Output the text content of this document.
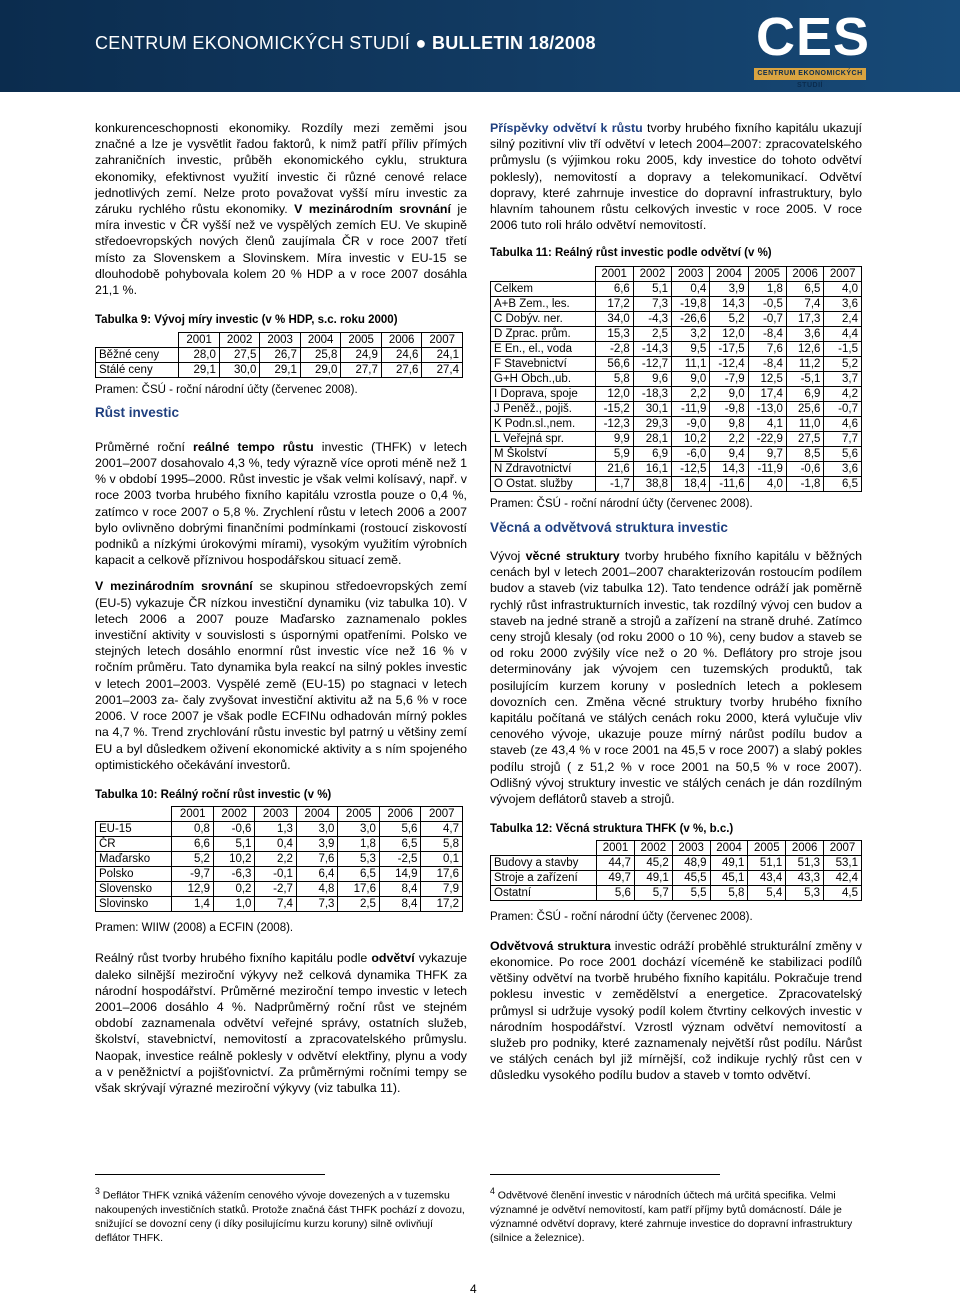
CENTRUM EKONOMICKÝCH STUDIÍ ● BULLETIN 18/2008	CES
CENTRUM EKONOMICKÝCH STUDIÍ

konkurenceschopnosti ekonomiky. Rozdíly mezi zeměmi jsou značné a lze je vysvětlit řadou faktorů, k nimž patří příliv přímých zahraničních investic, průběh ekonomického cyklu, struktura ekonomiky, efektivnost využití investic či různé cenové relace jednotlivých zemí. Nelze proto považovat vyšší míru investic za záruku rychlého růstu ekonomiky. V mezinárodním srovnání je míra investic v ČR vyšší než ve vyspělých zemích EU. Ve skupině středoevropských nových členů zaujímala ČR v roce 2007 třetí místo za Slovenskem a Slovinskem. Míra investic v EU-15 se dlouhodobě pohybovala kolem 20 % HDP a v roce 2007 dosáhla 21,1 %.

Tabulka 9: Vývoj míry investic (v % HDP, s.c. roku 2000)
	2001	2002	2003	2004	2005	2006	2007
Běžné ceny	28,0	27,5	26,7	25,8	24,9	24,6	24,1
Stálé ceny	29,1	30,0	29,1	29,0	27,7	27,6	27,4
Pramen: ČSÚ - roční národní účty (červenec 2008).
Růst investic

Průměrné roční reálné tempo růstu investic (THFK) v letech 2001–2007 dosahovalo 4,3 %, tedy výrazně více oproti méně než 1 % v období 1995–2000. Růst investic je však velmi kolísavý, např. v roce 2003 tvorba hrubého fixního kapitálu vzrostla pouze o 0,4 %, zatímco v roce 2007 o 5,8 %. Zrychlení růstu v letech 2006 a 2007 bylo ovlivněno dobrými finančními podmínkami (rostoucí ziskovostí podniků a nízkými úrokovými mírami), vysokým využitím výrobních kapacit a celkově příznivou hospodářskou situací země.

V mezinárodním srovnání se skupinou středoevropských zemí (EU-5) vykazuje ČR nízkou investiční dynamiku (viz tabulka 10). V letech 2006 a 2007 pouze Maďarsko zaznamenalo pokles investiční aktivity v souvislosti s úspornými opatřeními. Polsko ve stejných letech dosáhlo enormní růst investic více než 16 % v ročním průměru. Tato dynamika byla reakcí na silný pokles investic v letech 2001–2003. Vyspělé země (EU-15) po stagnaci v letech 2001–2003 za- čaly zvyšovat investiční aktivitu až na 5,6 % v roce 2006. V roce 2007 je však podle ECFINu odhadován mírný pokles na 4,7 %. Trend zrychlování růstu investic byl patrný u většiny zemí EU a byl důsledkem oživení ekonomické aktivity a s ním spojeného optimistického očekávání investorů.

Tabulka 10: Reálný roční růst investic (v %)
	2001	2002	2003	2004	2005	2006	2007
EU-15	0,8	-0,6	1,3	3,0	3,0	5,6	4,7
ČR	6,6	5,1	0,4	3,9	1,8	6,5	5,8
Maďarsko	5,2	10,2	2,2	7,6	5,3	-2,5	0,1
Polsko	-9,7	-6,3	-0,1	6,4	6,5	14,9	17,6
Slovensko	12,9	0,2	-2,7	4,8	17,6	8,4	7,9
Slovinsko	1,4	1,0	7,4	7,3	2,5	8,4	17,2
Pramen: WIIW (2008) a ECFIN (2008).

Reálný růst tvorby hrubého fixního kapitálu podle odvětví vykazuje daleko silnější meziroční výkyvy než celková dynamika THFK za národní hospodářství. Průměrné meziroční tempo investic v letech 2001–2006 dosáhlo 4 %. Nadprůměrný roční růst ve stejném období zaznamenala odvětví veřejné správy, ostatních služeb, školství, stavebnictví, nemovitostí a zpracovatelského průmyslu. Naopak, investice reálně poklesly v odvětví elektřiny, plynu a vody a v peněžnictví a pojišťovnictví. Za průměrnými ročními tempy se však skrývají výrazné meziroční výkyvy (viz tabulka 11).

Příspěvky odvětví k růstu tvorby hrubého fixního kapitálu ukazují silný pozitivní vliv tří odvětví v letech 2004–2007: zpracovatelského průmyslu (s výjimkou roku 2005, kdy investice do tohoto odvětví poklesly), nemovitostí a dopravy a telekomunikací. Odvětví dopravy, které zahrnuje investice do dopravní infrastruktury, bylo hlavním tahounem růstu celkových investic v roce 2005. V roce 2006 tuto roli hrálo odvětví nemovitostí.

Tabulka 11: Reálný růst investic podle odvětví (v %)
	2001	2002	2003	2004	2005	2006	2007
Celkem	6,6	5,1	0,4	3,9	1,8	6,5	4,0
A+B Zem., les.	17,2	7,3	-19,8	14,3	-0,5	7,4	3,6
C Dobýv. ner.	34,0	-4,3	-26,6	5,2	-0,7	17,3	2,4
D Zprac. prům.	15,3	2,5	3,2	12,0	-8,4	3,6	4,4
E En., el., voda	-2,8	-14,3	9,5	-17,5	7,6	12,6	-1,5
F Stavebnictví	56,6	-12,7	11,1	-12,4	-8,4	11,2	5,2
G+H Obch.,ub.	5,8	9,6	9,0	-7,9	12,5	-5,1	3,7
I Doprava, spoje	12,0	-18,3	2,2	9,0	17,4	6,9	4,2
J Peněž., pojiš.	-15,2	30,1	-11,9	-9,8	-13,0	25,6	-0,7
K Podn.sl.,nem.	-12,3	29,3	-9,0	9,8	4,1	11,0	4,6
L Veřejná spr.	9,9	28,1	10,2	2,2	-22,9	27,5	7,7
M Školství	5,9	6,9	-6,0	9,4	9,7	8,5	5,6
N Zdravotnictví	21,6	16,1	-12,5	14,3	-11,9	-0,6	3,6
O Ostat. služby	-1,7	38,8	18,4	-11,6	4,0	-1,8	6,5
Pramen: ČSÚ - roční národní účty (červenec 2008).
Věcná a odvětvová struktura investic

Vývoj věcné struktury tvorby hrubého fixního kapitálu v běžných cenách byl v letech 2001–2007 charakterizován rostoucím podílem budov a staveb (viz tabulka 12). Tato tendence odráží jak poměrně rychlý růst infrastrukturních investic, tak rozdílný vývoj cen budov a staveb na jedné straně a strojů a zařízení na straně druhé. Zatímco ceny strojů klesaly (od roku 2000 o 10 %), ceny budov a staveb se od roku 2000 zvýšily více než o 20 %. Deflátory pro stroje jsou determinovány jak vývojem cen tuzemských produktů, tak posilujícím kurzem koruny v posledních letech a poklesem dovozních cen. Změna věcné struktury tvorby hrubého fixního kapitálu počítaná ve stálých cenách roku 2000, která vylučuje vliv cenového vývoje, ukazuje pouze mírný nárůst podílu budov a staveb (ze 43,4 % v roce 2001 na 45,5 v roce 2007) a slabý pokles podílu strojů ( z 51,2 % v roce 2001 na 50,5 % v roce 2007). Odlišný vývoj struktury investic ve stálých cenách je dán rozdílným vývojem deflátorů staveb a strojů.

Tabulka 12: Věcná struktura THFK (v %, b.c.)
	2001	2002	2003	2004	2005	2006	2007
Budovy a stavby	44,7	45,2	48,9	49,1	51,1	51,3	53,1
Stroje a zařízení	49,7	49,1	45,5	45,1	43,4	43,3	42,4
Ostatní	5,6	5,7	5,5	5,8	5,4	5,3	4,5
Pramen: ČSÚ - roční národní účty (červenec 2008).

Odvětvová struktura investic odráží proběhlé strukturální změny v ekonomice. Po roce 2001 dochází víceméně ke stabilizaci podílů většiny odvětví na tvorbě hrubého fixního kapitálu. Pokračuje trend poklesu investic v zemědělství a energetice. Zpracovatelský průmysl si udržuje vysoký podíl kolem čtvrtiny celkových investic v národním hospodářství. Vzrostl význam odvětví nemovitostí a služeb pro podniky, které zaznamenaly největší růst podílu. Nárůst ve stálých cenách byl již mírnější, což indikuje rychlý růst cen v důsledku vysokého podílu budov a staveb v tomto odvětví.

$^3$ Deflátor THFK vzniká vážením cenového vývoje dovezených a v tuzemsku nakoupených investičních statků. Protože značná část THFK pochází z dovozu, snižující se dovozní ceny (i díky posilujícímu kurzu koruny) silně ovlivňují deflátor THFK.
$^4$ Odvětvové členění investic v národních účtech má určitá specifika. Velmi významné je odvětví nemovitostí, kam patří příjmy bytů domácností. Dále je významné odvětví dopravy, které zahrnuje investice do dopravní infrastruktury (silnice a železnice).
4
